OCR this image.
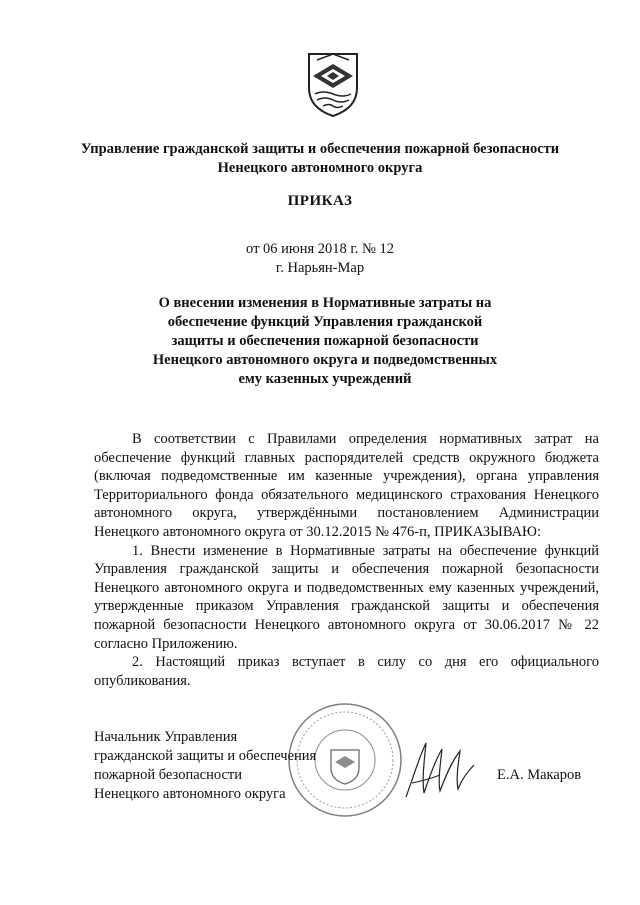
Управление гражданской защиты и обеспечения пожарной безопасности
Ненецкого автономного округа
ПРИКАЗ
от 06 июня 2018 г. № 12
г. Нарьян-Мар
О внесении изменения в Нормативные затраты на
обеспечение функций Управления гражданской
защиты и обеспечения пожарной безопасности
Ненецкого автономного округа и подведомственных
ему казенных учреждений

В соответствии с Правилами определения нормативных затрат на обеспечение функций главных распорядителей средств окружного бюджета (включая подведомственные им казенные учреждения), органа управления Территориального фонда обязательного медицинского страхования Ненецкого автономного округа, утверждёнными постановлением Администрации Ненецкого автономного округа от 30.12.2015 № 476-п, ПРИКАЗЫВАЮ:

1. Внести изменение в Нормативные затраты на обеспечение функций Управления гражданской защиты и обеспечения пожарной безопасности Ненецкого автономного округа и подведомственных ему казенных учреждений, утвержденные приказом Управления гражданской защиты и обеспечения пожарной безопасности Ненецкого автономного округа от 30.06.2017 № 22 согласно Приложению.

2. Настоящий приказ вступает в силу со дня его официального опубликования.

Начальник Управления
гражданской защиты и обеспечения
пожарной безопасности
Ненецкого автономного округа
Е.А. Макаров
